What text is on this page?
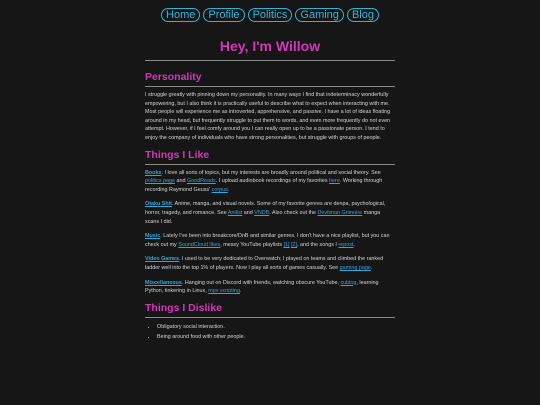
Home	Profile	Politics	Gaming	Blog
Hey, I'm Willow
Personality

I struggle greatly with pinning down my personality. In many ways I find that indeterminacy wonderfully empowering, but I also think it is practically useful to describe what to expect when interacting with me. Most people will experience me as introverted, apprehensive, and passive. I have a lot of ideas floating around in my head, but frequently struggle to put them to words, and even more frequently do not even attempt. However, if I feel comfy around you I can really open up to be a passionate person. I tend to enjoy the company of individuals who have strong personalities, but struggle with groups of people.

Things I Like

Books. I love all sorts of topics, but my interests are broadly around political and social theory. See politics page and GoodReads. I upload audiobook recordings of my favorites here. Working through recording Raymond Geuss' corpus.

Otaku Shit. Anime, manga, and visual novels. Some of my favorite genres are denpa, psychological, horror, tragedy, and romance. See Anilist and VNDB. Also check out the Devilman Grimoire manga scans I did.

Music. Lately I've been into breakcore/DnB and similar genres. I don't have a nice playlist, but you can check out my SoundCloud likes, messy YouTube playlists [1] [2], and the songs I repost.

Video Games. I used to be very dedicated to Overwatch; I played on teams and climbed the ranked ladder well into the top 1% of players. Now I play all sorts of games casually. See gaming page.

Miscellaneous. Hanging out on Discord with friends, watching obscure YouTube, cubing, learning Python, tinkering in Linux, mpv scripting.

Things I Dislike
• Obligatory social interaction.
• Being around food with other people.
